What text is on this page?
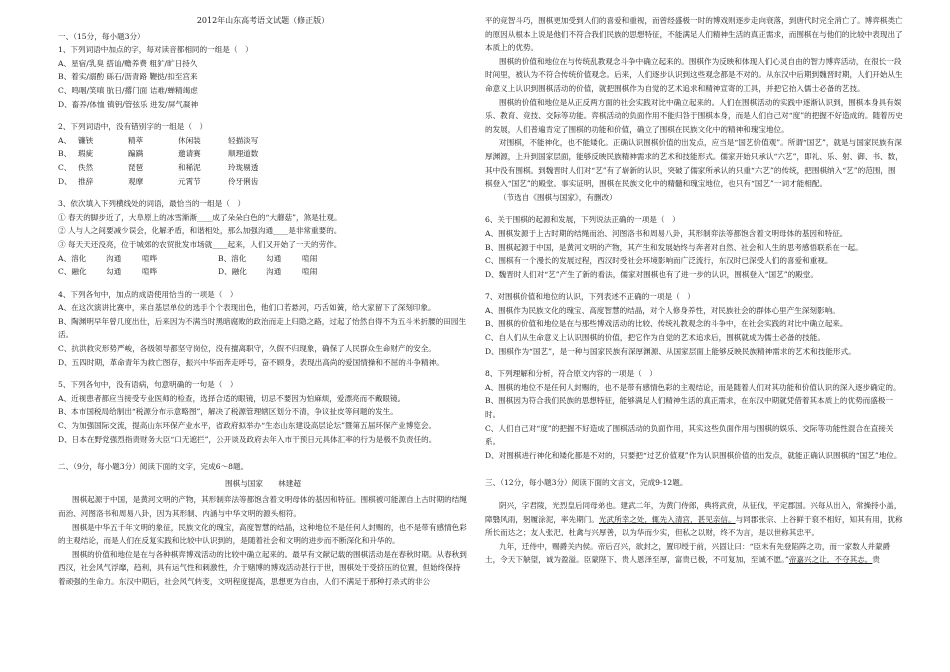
2012年山东高考语文试题（修正版）
一、（15分，每小题3分）
1、下列词语中加点的字，每对读音都相同的一组是（　）
A、星宿/乳臭 搭讪/赡养费 粗犷/旷日持久
B、着实/溺酌 砾石/沥青路 鞭挞/扣至宫来
C、鸣咽/笑嗔 肮日/撂门面 诘难/蝉精竭虑
D、畜养/体恤 镇钥/管弦乐 进发/屏气凝神
2、下列词语中，没有错别字的一组是（　）
A、 镰铗	精萃	休闲装	轻描淡写
B、 瑕疵	蹁蹒	邀请赛	顺理道数
C、 佚然	琵琶	和稀泥	玲珑剔透
D、 推辞	观摩	元霄节	伶牙俐齿
3、依次填入下列横线处的词语，最恰当的一组是（　）
① 春天的脚步近了，大阜原上的冰雪渐渐____成了朵朵白色的“大蘑菇”，煞是壮观。
② 人与人之间要减少误会，化解矛盾，和谐相处，那么加强沟通____是非常重要的。
③ 每天天还没亮，位于城郊的农贸批发市场就____起来，人们又开始了一天的劳作。
A、溶化	沟通	喧哗	B、溶化	勾通	喧闹
C、融化	勾通	喧哗	D、融化	沟通	喧闹
4、下列各句中，加点的成语使用恰当的一项是（　）
A、在这次演讲比赛中，来自基层单位的选手个个表现出色，他们口若悬河，巧舌如簧，给大家留下了深刻印象。
B、陶渊明早年曾几度出仕，后来因为不满当时黑暗腐败的政治而走上归隐之路，过起了怡然自得不为五斗米折腰的田园生活。
C、抗洪救灾形势严峻，各级领导都坚守岗位，没有擅离职守，久假不归现象，确保了人民群众生命财产的安全。
D、五四时期，革命青年为救亡图存，振兴中华而奔走呼号，奋不顾身，表现出高尚的爱国情操和不屈的斗争精神。
5、下列各句中，没有语病，句意明确的一句是（　）
A、近视患者都应当接受专业医师的检查，选择合适的眼镜，切忌不要因为怕麻烦，爱漂亮而不戴眼镜。
B、本市国税局给制出“税源分布示意略图”，解决了税源管理辖区划分不清，争议扯皮等问题的发生。
C、为加强国际交流，提高山东环保产业水平，省政府拟举办“生态山东建设高层论坛”暨第五届环保产业博览会。
D、日本在野党强烈指责财务大臣“口无遮拦”，公开谈及政府去年入市干预日元具体汇率的行为是极不负责任的。
二、（9分，每小题3分）阅读下面的文字，完成6～8题。
围棋与国家　　林建超
围棋起源于中国，是黄河文明的产物，其形制弈法等都饱含着文明母体的基因和特征。围棋被可能源自上古时期的结绳而治、河图洛书和周易八卦，因为其形制、内涵与中华文明的源头相符。
围棋是中华五千年文明的象征，民族文化的瑰宝，高度智慧的结晶，这种地位不是任何人封赐的，也不是带有感情色彩的主观结论，而是人们在反复实践和比较中认识到的，是随着社会和文明的进步而不断深化和升华的。
围棋的价值和地位是在与各种棋弈博戏活动的比较中确立起来的。最早有文献记载的围棋活动是在春秋时期。从春秋到西汉，社会风气浮靡，趋利，具有运气性和刺激性，介于赌博的博戏活动甚行于世，围棋处于受挤压的位置，但始终保持着顽强的生命力。东汉中期后，社会风气转变，文明程度提高，思想更为自由，人们不满足于那种打杀式的非公
平的竞智斗巧，围棋更加受到人们的喜爱和重视，而曾经盛极一时的博戏则逐步走向衰落，到唐代时完全消亡了。博弈棋类亡的原因从根本上说是他们不符合我们民族的思想特征，不能满足人们精神生活的真正需求，而围棋在与他们的比较中表现出了本质上的优势。
围棋的价值和地位在与传统乱教观念斗争中确立起来的。围棋作为反映和体现人们心灵自由的智力博弈活动，在很长一段时间里，被认为不符合传统价值观念。后来，人们逐步认识到这些观念都是不对的。从东汉中后期到魏晋时期，人们开始从生命意义上认识到围棋活动的价值，就把围棋作为自觉的艺术追求和精神宣寄的工具，并把它抬入儒士必备的艺技。
围棋的价值和地位是从正反两方面的社会实践对比中确立起来的。人们在围棋活动的实践中逐渐认识到，围棋本身具有娱乐、教育、竞技、交际等功能。弈棋活动的负面作用不能归咎于围棋本身，而是人们自己对“度”的把握不好造成的。随着历史的发展，人们普遍肯定了围棋的功能和价值，确立了围棋在民族文化中的精神和瑰宝地位。
对围棋，不能神化，也不能矮化。正确认识围棋价值的出发点，应当是“国艺价值观”。所谓“国艺”，就是与国家民族有深厚渊源，上升到国家层面，能够反映民族精神需求的艺术和技能形式。儒家开始只承认“六艺”，即礼、乐、射、御、书、数，其中没有围棋。到魏晋时人们对“艺”有了崭新的认识，突破了儒家所承认的只重“六艺”的传统，把围棋纳入“艺”的范围，围棋登入“国艺”的殿堂。事实证明，围棋在民族文化中的精髓和瑰宝地位，也只有“国艺”一词才能相配。
（节选自《围棋与国家》，有删改）
6、关于围棋的起源和发展，下列说法正确的一项是（　）
A、围棋发源于上古时期的结绳而治、河图洛书和周易八卦，其形制弈法等都饱含着文明母体的基因和特征。
B、围棋起源于中国，是黄河文明的产物，其产生和发展始终与奔者对自然、社会和人生的思考感悟联系在一起。
C、围棋有一个漫长的发展过程，西汉时受社会环境影响而广泛流行，东汉时已深受人们的喜爱和重视。
D、魏晋时人们对“艺”产生了新的看法，儒家对围棋也有了进一步的认识，围棋登入“国艺”的殿堂。
7、对围棋价值和地位的认识，下列表述不正确的一项是（　）
A、围棋作为民族文化的瑰宝、高度智慧的结晶，对个人修身养性，对民族社会的群体心里产生深刻影响。
B、围棋的价值和地位是在与那些博戏活动的比较、传统礼教观念的斗争中，在社会实践的对比中确立起来。
C、自人们从生命意义上认识围棋的价值，把它作为自觉的艺术追求后，围棋就成为儒士必备的技能。
D、围棋作为“国艺”，是一种与国家民族有深厚渊源、从国家层面上能够反映民族精神需求的艺术和技能形式。
8、下列理解和分析，符合原文内容的一项是（　）
A、围棋的地位不是任何人封赐的，也不是带有感情色彩的主观结论，而是随着人们对其功能和价值认识的深入逐步确定的。
B、围棋因为符合我们民族的思想特征，能够满足人们精神生活的真正需求，在东汉中期就凭借着其本质上的优势而盛极一时。
C、人们自己对“度”的把握不好造成了围棋活动的负面作用，其实这些负面作用与围棋的娱乐、交际等功能性混合在直接关系。
D、对围棋进行神化和矮化都是不对的，只要把“过艺价值观”作为认识围棋价值的出发点，就能正确认识围棋的“国艺”地位。
三、（12分，每小题3分）阅读下面的文言文，完成9-12题。
阴兴，字君陵，光烈皇后同母弟也。建武二年，为黄门侍郎，典将武贲，从征伐，平定郡国。兴每从出入，常操持小盖，障翳风雨，躬履涂泥，率先期门。光武所幸之处，辄先入清宫，甚见亲信。与同郡张宗、上谷鲜于裒不相好，知其有用，犹称所长而达之；友人张汜、杜禽与兴厚善，以为华而少实，但私之以财，终不为言，是以世称其忠平。
九年，迁侍中，赐爵关内侯。帝后召兴，欲封之，置印绶于前，兴固让曰：“臣未有先登陷阵之功，而一家数人并蒙爵土，令天下觖望，诚为盈溢。臣蒙陛下、贵人恩泽至厚，富贵已极，不可复加，至诚不愿。”帝嘉兴之让，不夺其志。贵
